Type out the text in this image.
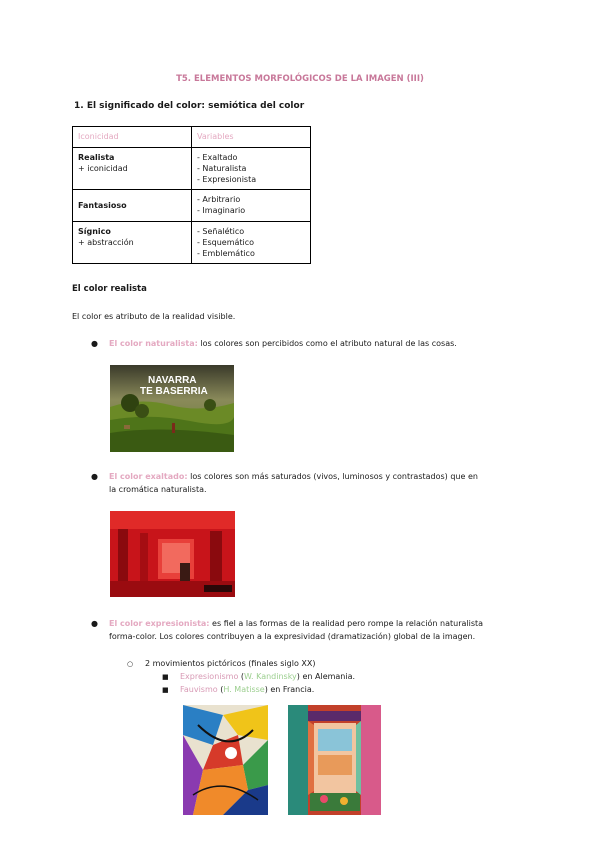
T5. ELEMENTOS MORFOLÓGICOS DE LA IMAGEN (III)
1. El significado del color: semiótica del color
Iconicidad	Variables

Realista
+ iconicidad	- Exaltado
- Naturalista
- Expresionista

Fantasioso	- Arbitrario
- Imaginario

Sígnico
+ abstracción	- Señalético
- Esquemático
- Emblemático
El color realista
El color es atributo de la realidad visible.
● El color naturalista: los colores son percibidos como el atributo natural de las cosas.
NAVARRA
TE BASERRIA
● El color exaltado: los colores son más saturados (vivos, luminosos y contrastados) que en
la cromática naturalista.
● El color expresionista: es fiel a las formas de la realidad pero rompe la relación naturalista
forma-color. Los colores contribuyen a la expresividad (dramatización) global de la imagen.
○ 2 movimientos pictóricos (finales siglo XX)
■ Expresionismo (W. Kandinsky) en Alemania.
■ Fauvismo (H. Matisse) en Francia.
